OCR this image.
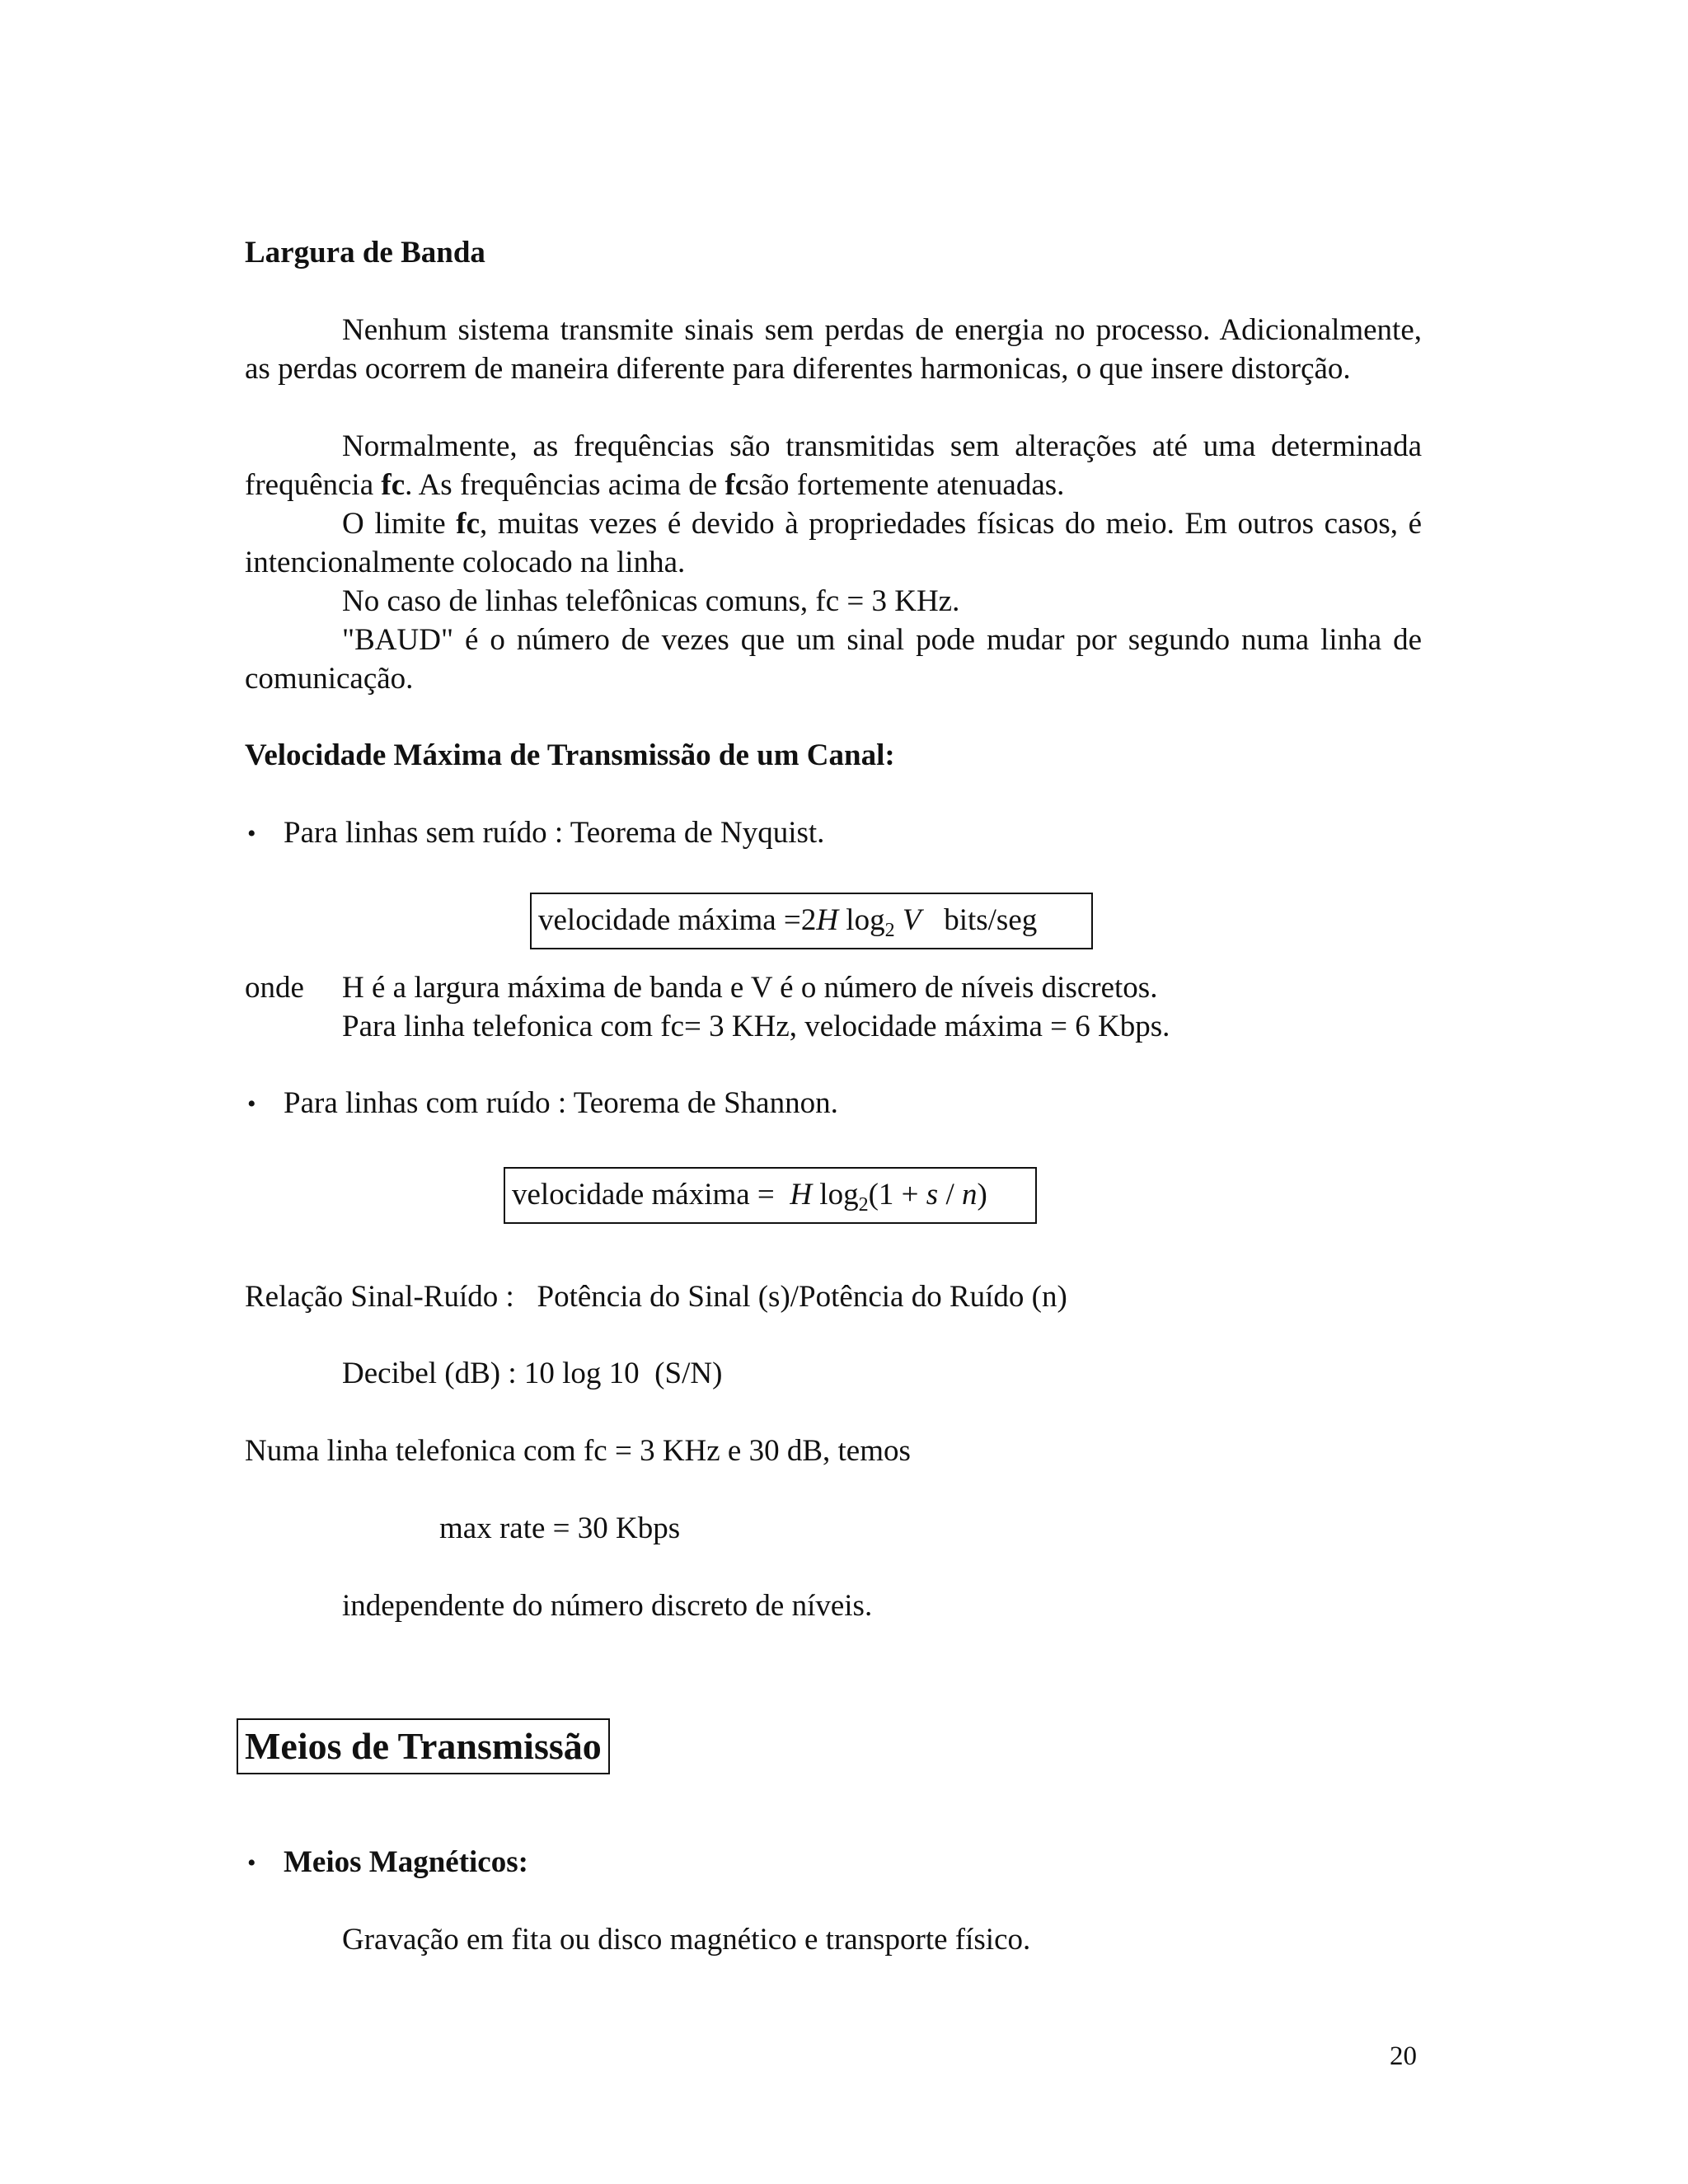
Largura de Banda

Nenhum sistema transmite sinais sem perdas de energia no processo. Adicionalmente, as perdas ocorrem de maneira diferente para diferentes harmonicas, o que insere distorção.

Normalmente, as frequências são transmitidas sem alterações até uma determinada frequência fc. As frequências acima de fcsão fortemente atenuadas.

O limite fc, muitas vezes é devido à propriedades físicas do meio. Em outros casos, é intencionalmente colocado na linha.

No caso de linhas telefônicas comuns, fc = 3 KHz.

"BAUD" é o número de vezes que um sinal pode mudar por segundo numa linha de comunicação.

Velocidade Máxima de Transmissão de um Canal:
• Para linhas sem ruído : Teorema de Nyquist.
velocidade máxima =2H $\log_2 V$ bits/seg
onde H é a largura máxima de banda e V é o número de níveis discretos.
Para linha telefonica com fc= 3 KHz, velocidade máxima = 6 Kbps.
• Para linhas com ruído : Teorema de Shannon.
velocidade máxima = H $\log_2(1 + s / n)$
Relação Sinal-Ruído :   Potência do Sinal (s)/Potência do Ruído (n)
Decibel (dB) : 10 log 10  (S/N)
Numa linha telefonica com fc = 3 KHz e 30 dB, temos
max rate = 30 Kbps
independente do número discreto de níveis.
Meios de Transmissão
• Meios Magnéticos:
Gravação em fita ou disco magnético e transporte físico.
20
